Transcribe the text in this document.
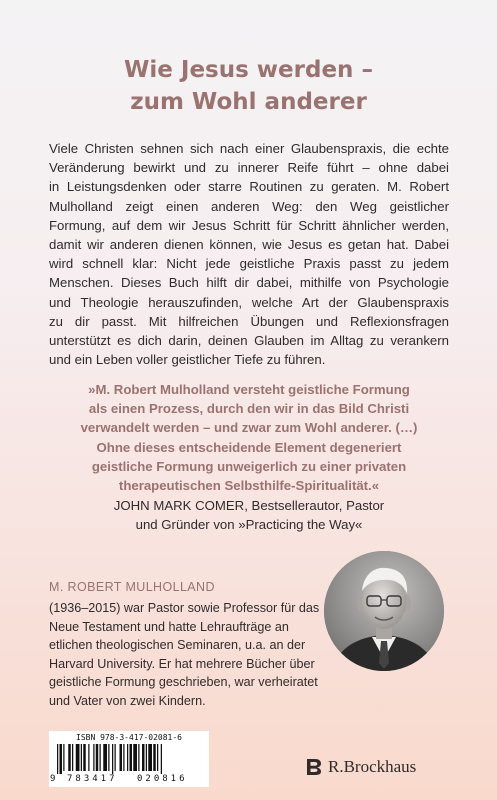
Wie Jesus werden –
zum Wohl anderer

Viele Christen sehnen sich nach einer Glaubenspraxis, die echte
Veränderung bewirkt und zu innerer Reife führt – ohne dabei
in Leistungsdenken oder starre Routinen zu geraten. M. Robert
Mulholland zeigt einen anderen Weg: den Weg geistlicher
Formung, auf dem wir Jesus Schritt für Schritt ähnlicher werden,
damit wir anderen dienen können, wie Jesus es getan hat. Dabei
wird schnell klar: Nicht jede geistliche Praxis passt zu jedem
Menschen. Dieses Buch hilft dir dabei, mithilfe von Psychologie
und Theologie herauszufinden, welche Art der Glaubenspraxis
zu dir passt. Mit hilfreichen Übungen und Reflexionsfragen
unterstützt es dich darin, deinen Glauben im Alltag zu verankern
und ein Leben voller geistlicher Tiefe zu führen.

»M. Robert Mulholland versteht geistliche Formung
als einen Prozess, durch den wir in das Bild Christi
verwandelt werden – und zwar zum Wohl anderer. (…)
Ohne dieses entscheidende Element degeneriert
geistliche Formung unweigerlich zu einer privaten
therapeutischen Selbsthilfe-Spiritualität.«

JOHN MARK COMER, Bestsellerautor, Pastor
und Gründer von »Practicing the Way«

M. ROBERT MULHOLLAND

(1936–2015) war Pastor sowie Professor für das
Neue Testament und hatte Lehraufträge an
etlichen theologischen Seminaren, u.a. an der
Harvard University. Er hat mehrere Bücher über
geistliche Formung geschrieben, war verheiratet
und Vater von zwei Kindern.

ISBN 978-3-417-02081-6

9 783417 020816
R.Brockhaus
